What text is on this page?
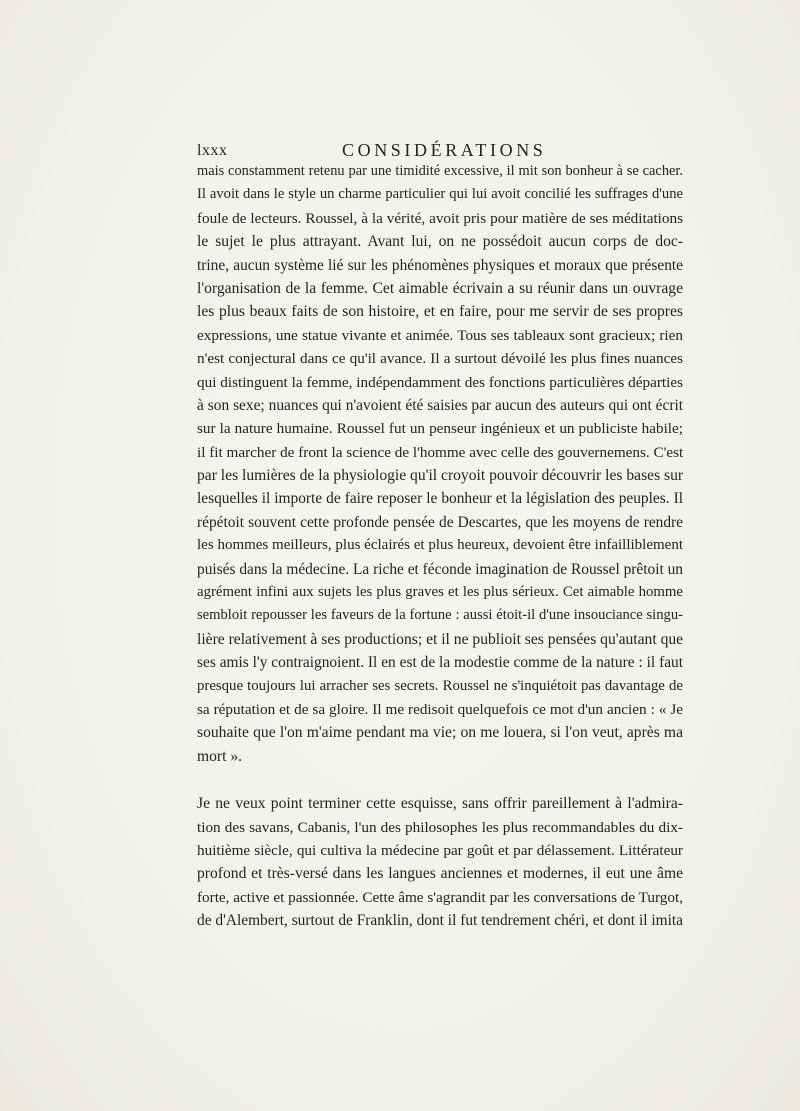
lxxx	CONSIDÉRATIONS
mais constamment retenu par une timidité excessive, il mit son bonheur à se cacher.
Il avoit dans le style un charme particulier qui lui avoit concilié les suffrages d'une
foule de lecteurs. Roussel, à la vérité, avoit pris pour matière de ses méditations
le sujet le plus attrayant. Avant lui, on ne possédoit aucun corps de doc-
trine, aucun système lié sur les phénomènes physiques et moraux que présente
l'organisation de la femme. Cet aimable écrivain a su réunir dans un ouvrage
les plus beaux faits de son histoire, et en faire, pour me servir de ses propres
expressions, une statue vivante et animée. Tous ses tableaux sont gracieux; rien
n'est conjectural dans ce qu'il avance. Il a surtout dévoilé les plus fines nuances
qui distinguent la femme, indépendamment des fonctions particulières départies
à son sexe; nuances qui n'avoient été saisies par aucun des auteurs qui ont écrit
sur la nature humaine. Roussel fut un penseur ingénieux et un publiciste habile;
il fit marcher de front la science de l'homme avec celle des gouvernemens. C'est
par les lumières de la physiologie qu'il croyoit pouvoir découvrir les bases sur
lesquelles il importe de faire reposer le bonheur et la législation des peuples. Il
répétoit souvent cette profonde pensée de Descartes, que les moyens de rendre
les hommes meilleurs, plus éclairés et plus heureux, devoient être infailliblement
puisés dans la médecine. La riche et féconde imagination de Roussel prêtoit un
agrément infini aux sujets les plus graves et les plus sérieux. Cet aimable homme
sembloit repousser les faveurs de la fortune : aussi étoit-il d'une insouciance singu-
lière relativement à ses productions; et il ne publioit ses pensées qu'autant que
ses amis l'y contraignoient. Il en est de la modestie comme de la nature : il faut
presque toujours lui arracher ses secrets. Roussel ne s'inquiétoit pas davantage de
sa réputation et de sa gloire. Il me redisoit quelquefois ce mot d'un ancien : « Je
souhaite que l'on m'aime pendant ma vie; on me louera, si l'on veut, après ma
mort ».
Je ne veux point terminer cette esquisse, sans offrir pareillement à l'admira-
tion des savans, Cabanis, l'un des philosophes les plus recommandables du dix-
huitième siècle, qui cultiva la médecine par goût et par délassement. Littérateur
profond et très-versé dans les langues anciennes et modernes, il eut une âme
forte, active et passionnée. Cette âme s'agrandit par les conversations de Turgot,
de d'Alembert, surtout de Franklin, dont il fut tendrement chéri, et dont il imita
